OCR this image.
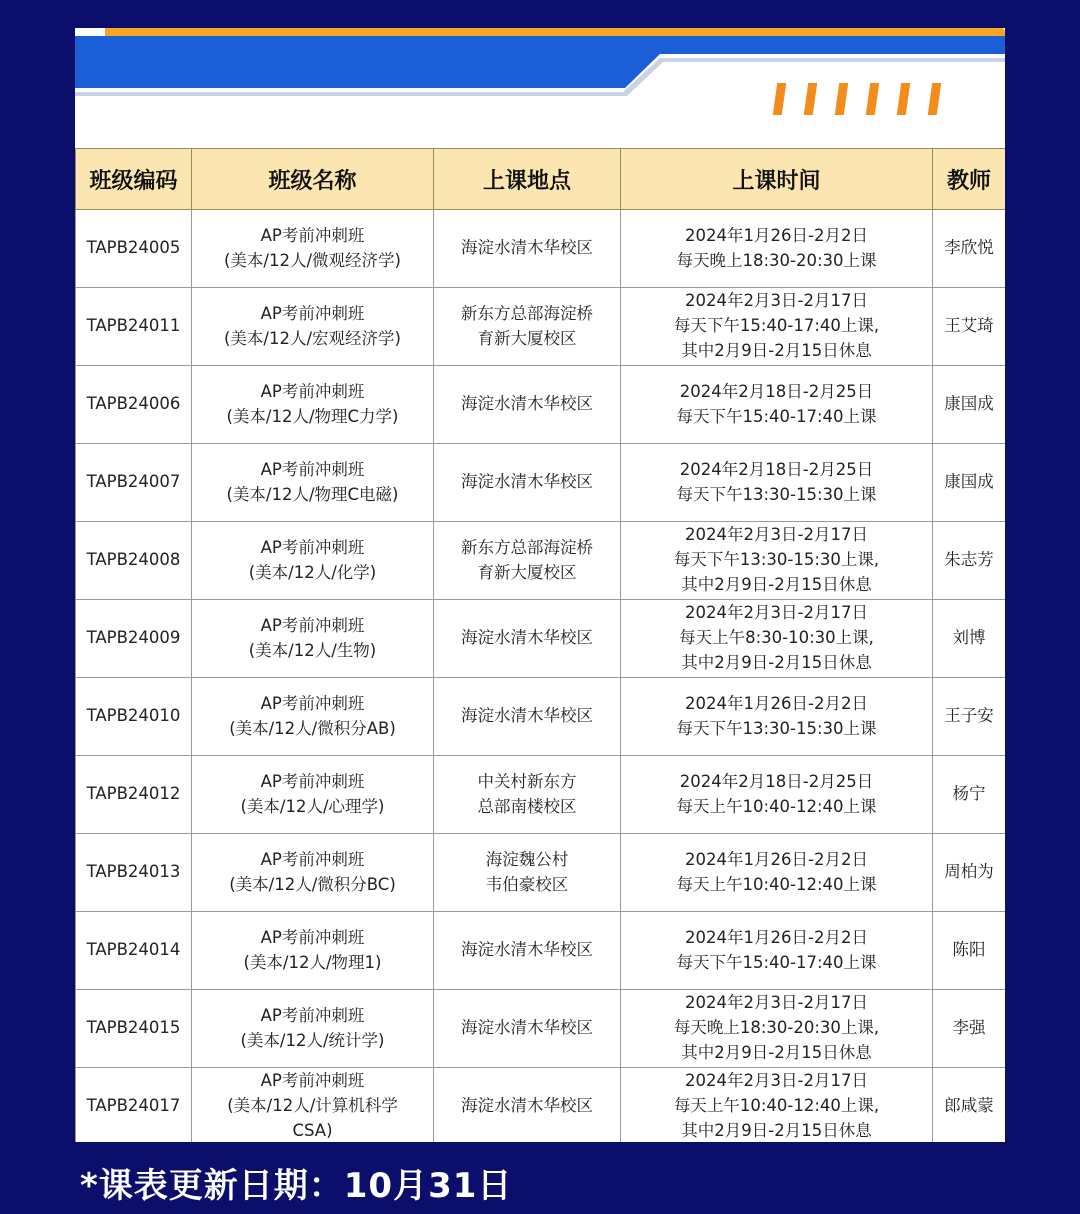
班级编码	班级名称	上课地点	上课时间	教师
TAPB24005	AP考前冲刺班
(美本/12人/微观经济学)	海淀水清木华校区	2024年1月26日-2月2日
每天晚上18:30-20:30上课	李欣悦
TAPB24011	AP考前冲刺班
(美本/12人/宏观经济学)	新东方总部海淀桥
育新大厦校区	2024年2月3日-2月17日
每天下午15:40-17:40上课,
其中2月9日-2月15日休息	王艾琦
TAPB24006	AP考前冲刺班
(美本/12人/物理C力学)	海淀水清木华校区	2024年2月18日-2月25日
每天下午15:40-17:40上课	康国成
TAPB24007	AP考前冲刺班
(美本/12人/物理C电磁)	海淀水清木华校区	2024年2月18日-2月25日
每天下午13:30-15:30上课	康国成
TAPB24008	AP考前冲刺班
(美本/12人/化学)	新东方总部海淀桥
育新大厦校区	2024年2月3日-2月17日
每天下午13:30-15:30上课,
其中2月9日-2月15日休息	朱志芳
TAPB24009	AP考前冲刺班
(美本/12人/生物)	海淀水清木华校区	2024年2月3日-2月17日
每天上午8:30-10:30上课,
其中2月9日-2月15日休息	刘博
TAPB24010	AP考前冲刺班
(美本/12人/微积分AB)	海淀水清木华校区	2024年1月26日-2月2日
每天下午13:30-15:30上课	王子安
TAPB24012	AP考前冲刺班
(美本/12人/心理学)	中关村新东方
总部南楼校区	2024年2月18日-2月25日
每天上午10:40-12:40上课	杨宁
TAPB24013	AP考前冲刺班
(美本/12人/微积分BC)	海淀魏公村
韦伯豪校区	2024年1月26日-2月2日
每天上午10:40-12:40上课	周柏为
TAPB24014	AP考前冲刺班
(美本/12人/物理1)	海淀水清木华校区	2024年1月26日-2月2日
每天下午15:40-17:40上课	陈阳
TAPB24015	AP考前冲刺班
(美本/12人/统计学)	海淀水清木华校区	2024年2月3日-2月17日
每天晚上18:30-20:30上课,
其中2月9日-2月15日休息	李强
TAPB24017	AP考前冲刺班
(美本/12人/计算机科学
CSA)	海淀水清木华校区	2024年2月3日-2月17日
每天上午10:40-12:40上课,
其中2月9日-2月15日休息	郎咸蒙
*课表更新日期：10月31日
